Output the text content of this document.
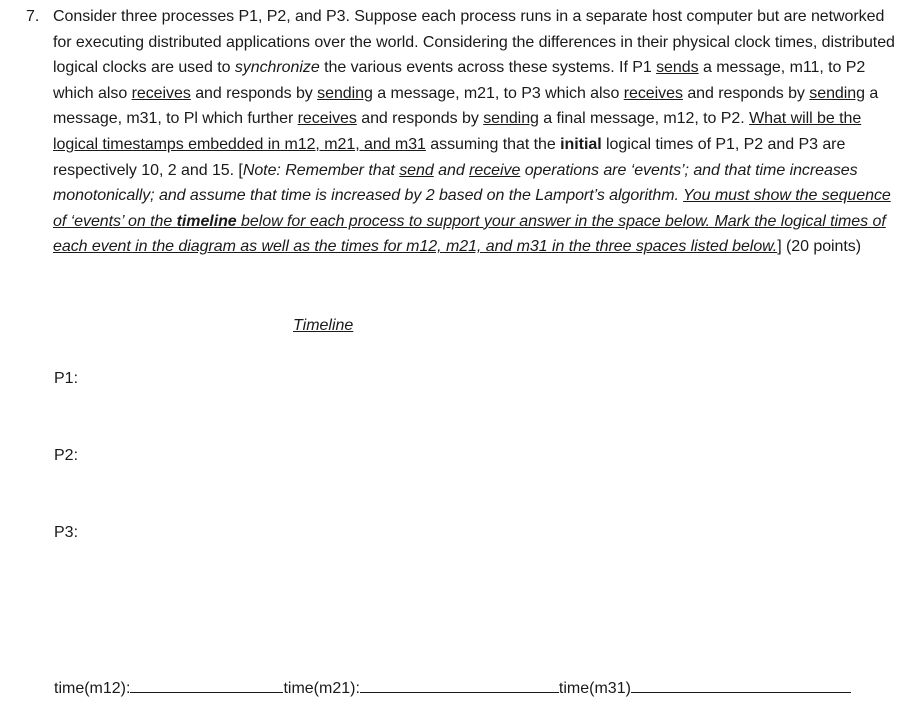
7. Consider three processes P1, P2, and P3. Suppose each process runs in a separate host computer but are networked for executing distributed applications over the world. Considering the differences in their physical clock times, distributed logical clocks are used to synchronize the various events across these systems. If P1 sends a message, m11, to P2 which also receives and responds by sending a message, m21, to P3 which also receives and responds by sending a message, m31, to Pl which further receives and responds by sending a final message, m12, to P2. What will be the logical timestamps embedded in m12, m21, and m31 assuming that the initial logical times of P1, P2 and P3 are respectively 10, 2 and 15. [Note: Remember that send and receive operations are ‘events’; and that time increases monotonically; and assume that time is increased by 2 based on the Lamport’s algorithm. You must show the sequence of ‘events’ on the timeline below for each process to support your answer in the space below. Mark the logical times of each event in the diagram as well as the times for m12, m21, and m31 in the three spaces listed below.] (20 points)
Timeline
P1:
P2:
P3:
time(m12):	time(m21):	time(m31)
